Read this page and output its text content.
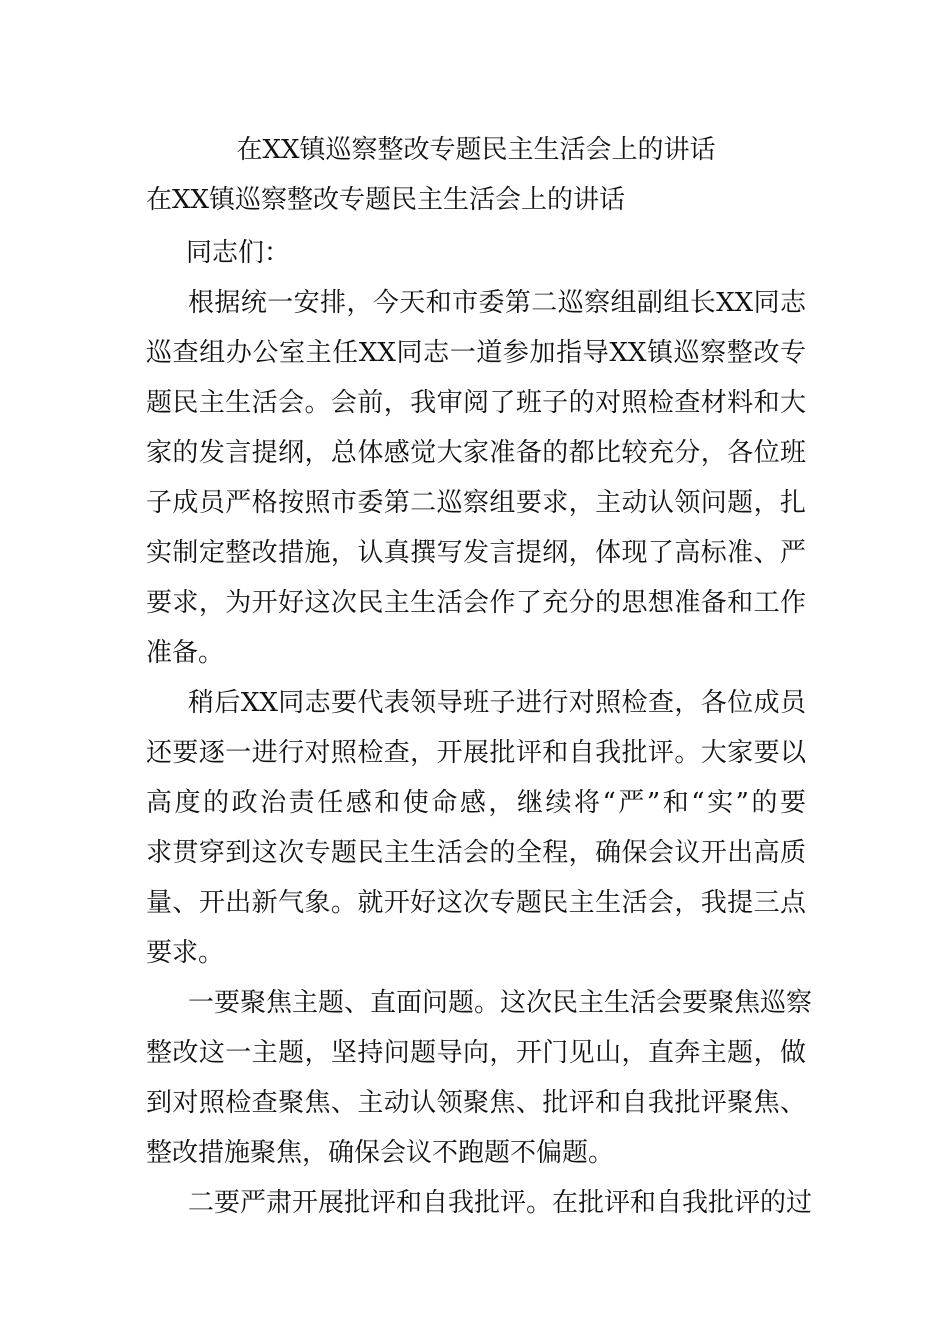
在XX镇巡察整改专题民主生活会上的讲话

在XX镇巡察整改专题民主生活会上的讲话

同志们：

根据统一安排，今天和市委第二巡察组副组长XX同志
巡查组办公室主任XX同志一道参加指导XX镇巡察整改专
题民主生活会。会前，我审阅了班子的对照检查材料和大
家的发言提纲，总体感觉大家准备的都比较充分，各位班
子成员严格按照市委第二巡察组要求，主动认领问题，扎
实制定整改措施，认真撰写发言提纲，体现了高标准、严
要求，为开好这次民主生活会作了充分的思想准备和工作
准备。
稍后XX同志要代表领导班子进行对照检查，各位成员
还要逐一进行对照检查，开展批评和自我批评。大家要以
高度的政治责任感和使命感，继续将“严”和“实”的要
求贯穿到这次专题民主生活会的全程，确保会议开出高质
量、开出新气象。就开好这次专题民主生活会，我提三点
要求。
一要聚焦主题、直面问题。这次民主生活会要聚焦巡察
整改这一主题，坚持问题导向，开门见山，直奔主题，做
到对照检查聚焦、主动认领聚焦、批评和自我批评聚焦、
整改措施聚焦，确保会议不跑题不偏题。
二要严肃开展批评和自我批评。在批评和自我批评的过
